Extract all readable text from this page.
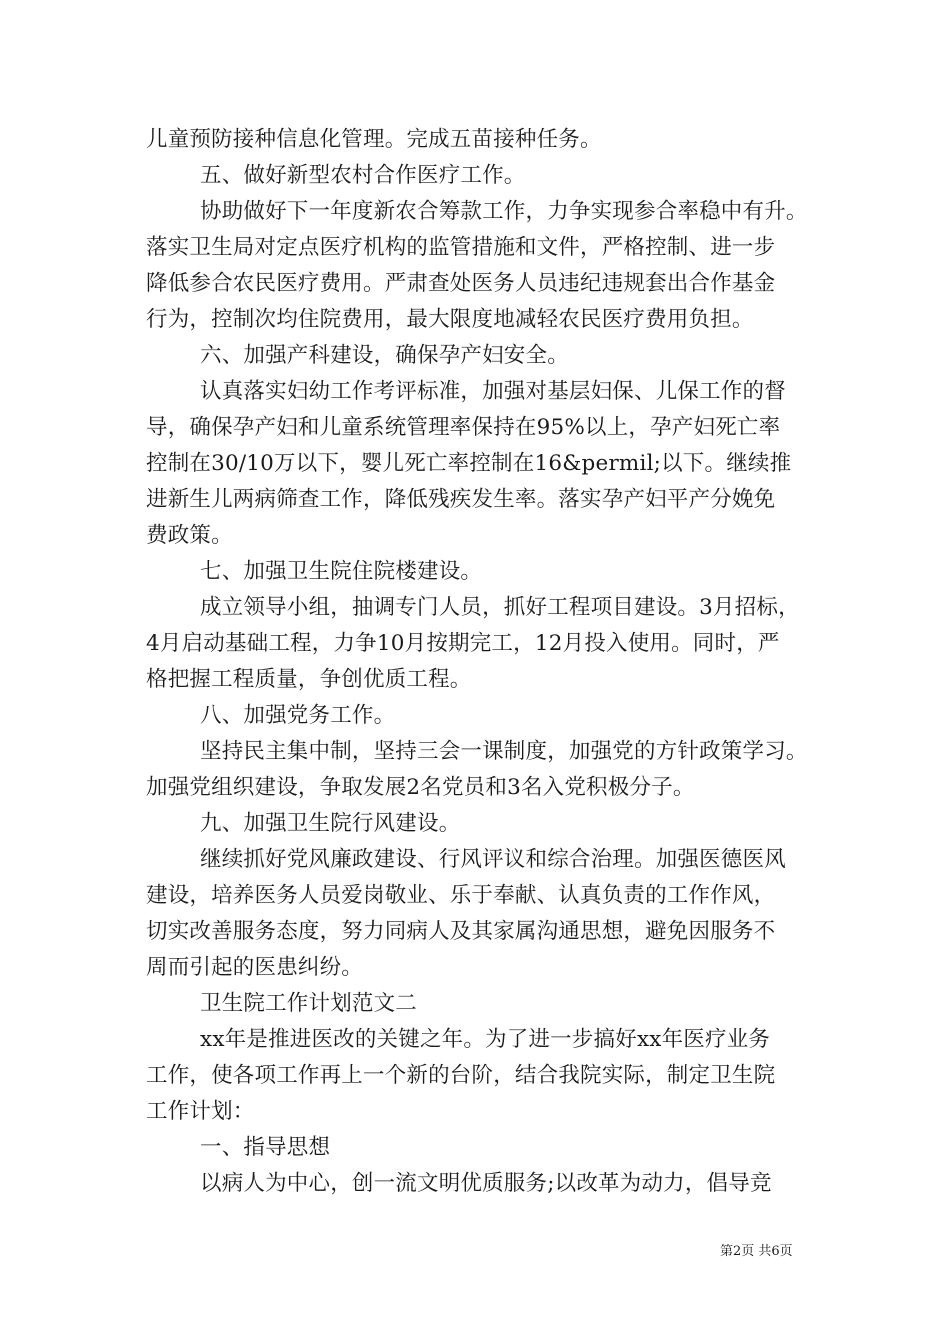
儿童预防接种信息化管理。完成五苗接种任务。
五、做好新型农村合作医疗工作。
协助做好下一年度新农合筹款工作，力争实现参合率稳中有升。
落实卫生局对定点医疗机构的监管措施和文件，严格控制、进一步
降低参合农民医疗费用。严肃查处医务人员违纪违规套出合作基金
行为，控制次均住院费用，最大限度地减轻农民医疗费用负担。
六、加强产科建设，确保孕产妇安全。
认真落实妇幼工作考评标准，加强对基层妇保、儿保工作的督
导，确保孕产妇和儿童系统管理率保持在95%以上，孕产妇死亡率
控制在30/10万以下，婴儿死亡率控制在16&permil;以下。继续推
进新生儿两病筛查工作，降低残疾发生率。落实孕产妇平产分娩免
费政策。
七、加强卫生院住院楼建设。
成立领导小组，抽调专门人员，抓好工程项目建设。3月招标，
4月启动基础工程，力争10月按期完工，12月投入使用。同时，严
格把握工程质量，争创优质工程。
八、加强党务工作。
坚持民主集中制，坚持三会一课制度，加强党的方针政策学习。
加强党组织建设，争取发展2名党员和3名入党积极分子。
九、加强卫生院行风建设。
继续抓好党风廉政建设、行风评议和综合治理。加强医德医风
建设，培养医务人员爱岗敬业、乐于奉献、认真负责的工作作风，
切实改善服务态度，努力同病人及其家属沟通思想，避免因服务不
周而引起的医患纠纷。
卫生院工作计划范文二
xx年是推进医改的关键之年。为了进一步搞好xx年医疗业务
工作，使各项工作再上一个新的台阶，结合我院实际，制定卫生院
工作计划：
一、指导思想
以病人为中心，创一流文明优质服务;以改革为动力，倡导竞
第2页 共6页
